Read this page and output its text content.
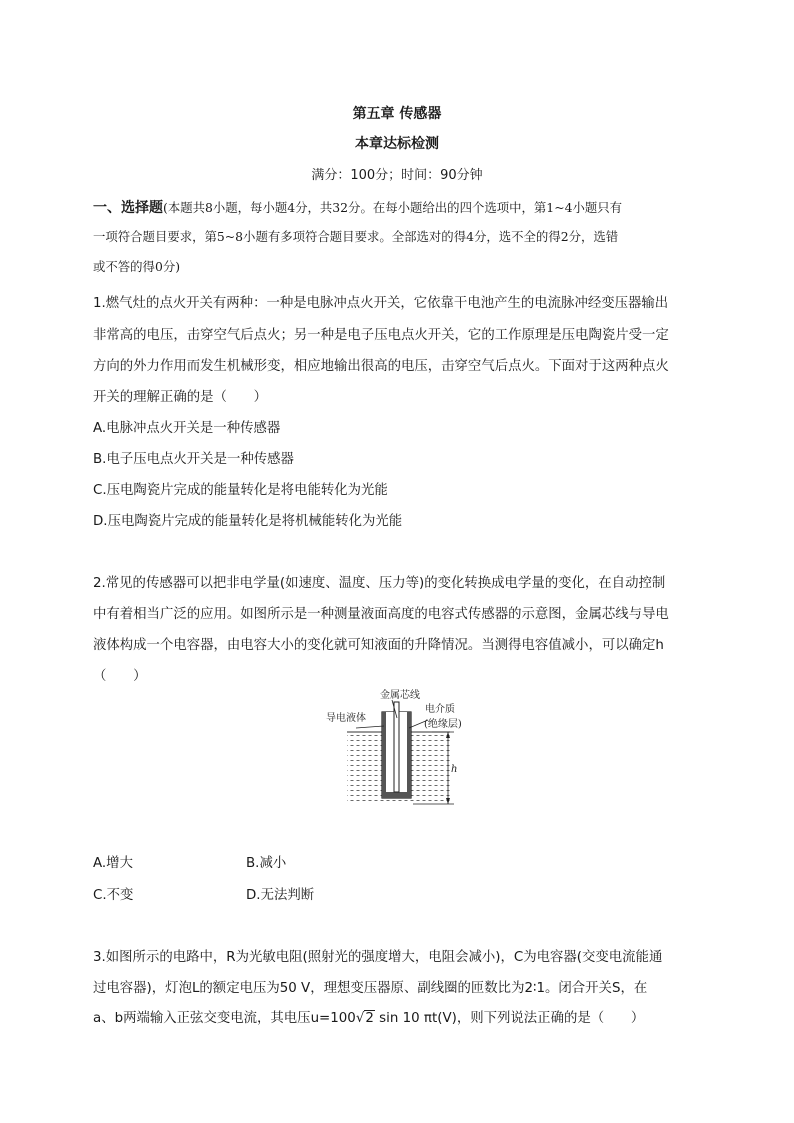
第五章 传感器
本章达标检测
满分：100分；时间：90分钟
一、选择题(本题共8小题，每小题4分，共32分。在每小题给出的四个选项中，第1~4小题只有
一项符合题目要求，第5~8小题有多项符合题目要求。全部选对的得4分，选不全的得2分，选错
或不答的得0分)
1.燃气灶的点火开关有两种：一种是电脉冲点火开关，它依靠干电池产生的电流脉冲经变压器输出
非常高的电压，击穿空气后点火；另一种是电子压电点火开关，它的工作原理是压电陶瓷片受一定
方向的外力作用而发生机械形变，相应地输出很高的电压，击穿空气后点火。下面对于这两种点火
开关的理解正确的是（　　）
A.电脉冲点火开关是一种传感器
B.电子压电点火开关是一种传感器
C.压电陶瓷片完成的能量转化是将电能转化为光能
D.压电陶瓷片完成的能量转化是将机械能转化为光能
2.常见的传感器可以把非电学量(如速度、温度、压力等)的变化转换成电学量的变化，在自动控制
中有着相当广泛的应用。如图所示是一种测量液面高度的电容式传感器的示意图，金属芯线与导电
液体构成一个电容器，由电容大小的变化就可知液面的升降情况。当测得电容值减小，可以确定h
（　　）
金属芯线
导电液体
电介质
(绝缘层)
h
A.增大	B.减小
C.不变	D.无法判断
3.如图所示的电路中，R为光敏电阻(照射光的强度增大，电阻会减小)，C为电容器(交变电流能通
过电容器)，灯泡L的额定电压为50 V，理想变压器原、副线圈的匝数比为2∶1。闭合开关S，在
a、b两端输入正弦交变电流，其电压u=100√2 sin 10 πt(V)，则下列说法正确的是（　　）
